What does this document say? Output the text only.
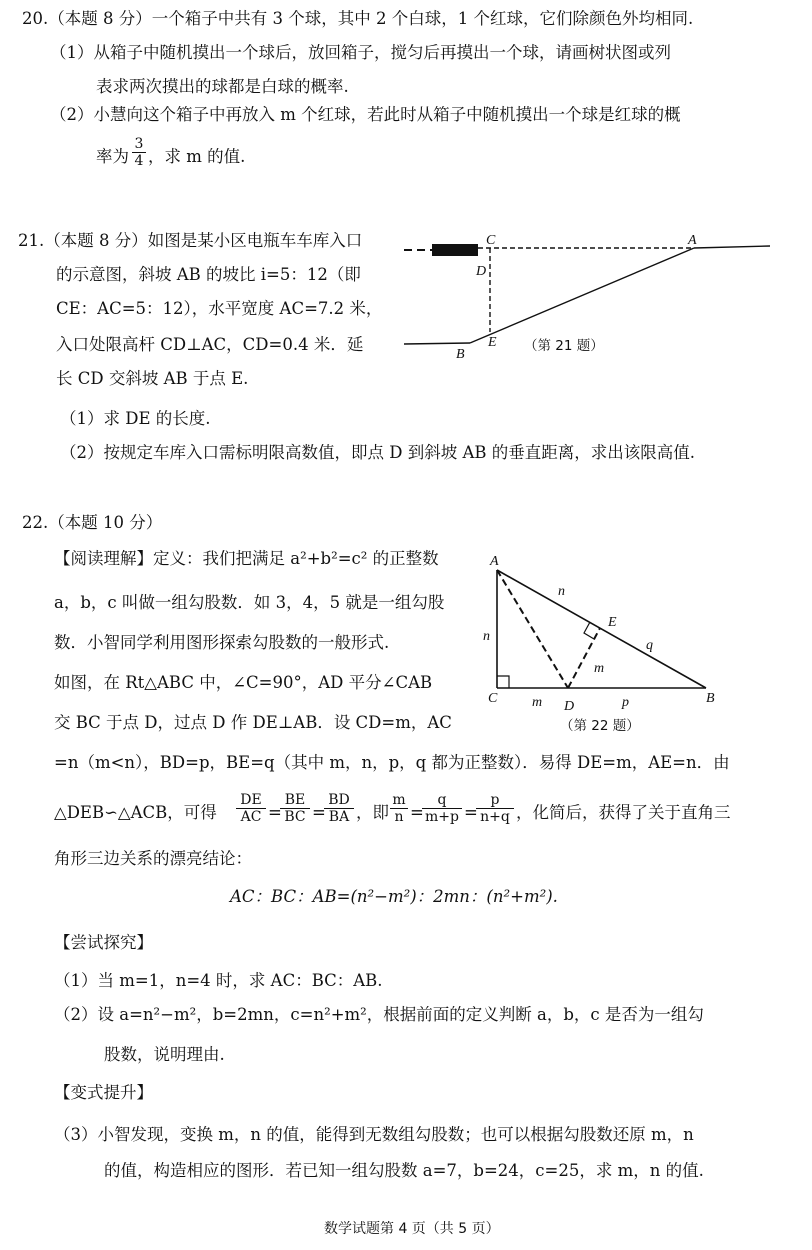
20.（本题 8 分）一个箱子中共有 3 个球，其中 2 个白球，1 个红球，它们除颜色外均相同.
（1）从箱子中随机摸出一个球后，放回箱子，搅匀后再摸出一个球，请画树状图或列
表求两次摸出的球都是白球的概率.
（2）小慧向这个箱子中再放入 m 个红球，若此时从箱子中随机摸出一个球是红球的概
率为 $\frac{3}{4}$ ，求 m 的值.
21.（本题 8 分）如图是某小区电瓶车车库入口
的示意图，斜坡 AB 的坡比 i=5：12（即
CE：AC=5：12），水平宽度 AC=7.2 米，
入口处限高杆 CD⊥AC，CD=0.4 米．延
长 CD 交斜坡 AB 于点 E.
（1）求 DE 的长度.
（2）按规定车库入口需标明限高数值，即点 D 到斜坡 AB 的垂直距离，求出该限高值.
C	A
D
E
B
（第 21 题）
22.（本题 10 分）
【阅读理解】定义：我们把满足 a²+b²=c² 的正整数
a，b，c 叫做一组勾股数．如 3，4，5 就是一组勾股
数．小智同学利用图形探索勾股数的一般形式.
如图，在 Rt△ABC 中，∠C=90°，AD 平分∠CAB
交 BC 于点 D，过点 D 作 DE⊥AB．设 CD=m，AC
=n（m<n），BD=p，BE=q（其中 m，n，p，q 都为正整数）．易得 DE=m，AE=n．由
△DEB∽△ACB，可得 $\frac{DE}{AC}$ =
$\frac{BE}{BC}$ =
$\frac{BD}{BA}$ ，即 $\frac{m}{n}$ =
$\frac{q}{m+p}$ =
$\frac{p}{n+q}$ ，化简后，获得了关于直角三
角形三边关系的漂亮结论：
AC：BC：AB=(n²−m²)：2mn：(n²+m²).
【尝试探究】
（1）当 m=1，n=4 时，求 AC：BC：AB.
（2）设 a=n²−m²，b=2mn，c=n²+m²，根据前面的定义判断 a，b，c 是否为一组勾
股数，说明理由.
【变式提升】
（3）小智发现，变换 m，n 的值，能得到无数组勾股数；也可以根据勾股数还原 m，n
的值，构造相应的图形．若已知一组勾股数 a=7，b=24，c=25，求 m，n 的值.
A
C
D
B
E
n
n
m
m
p
q
（第 22 题）
数学试题第 4 页（共 5 页）
